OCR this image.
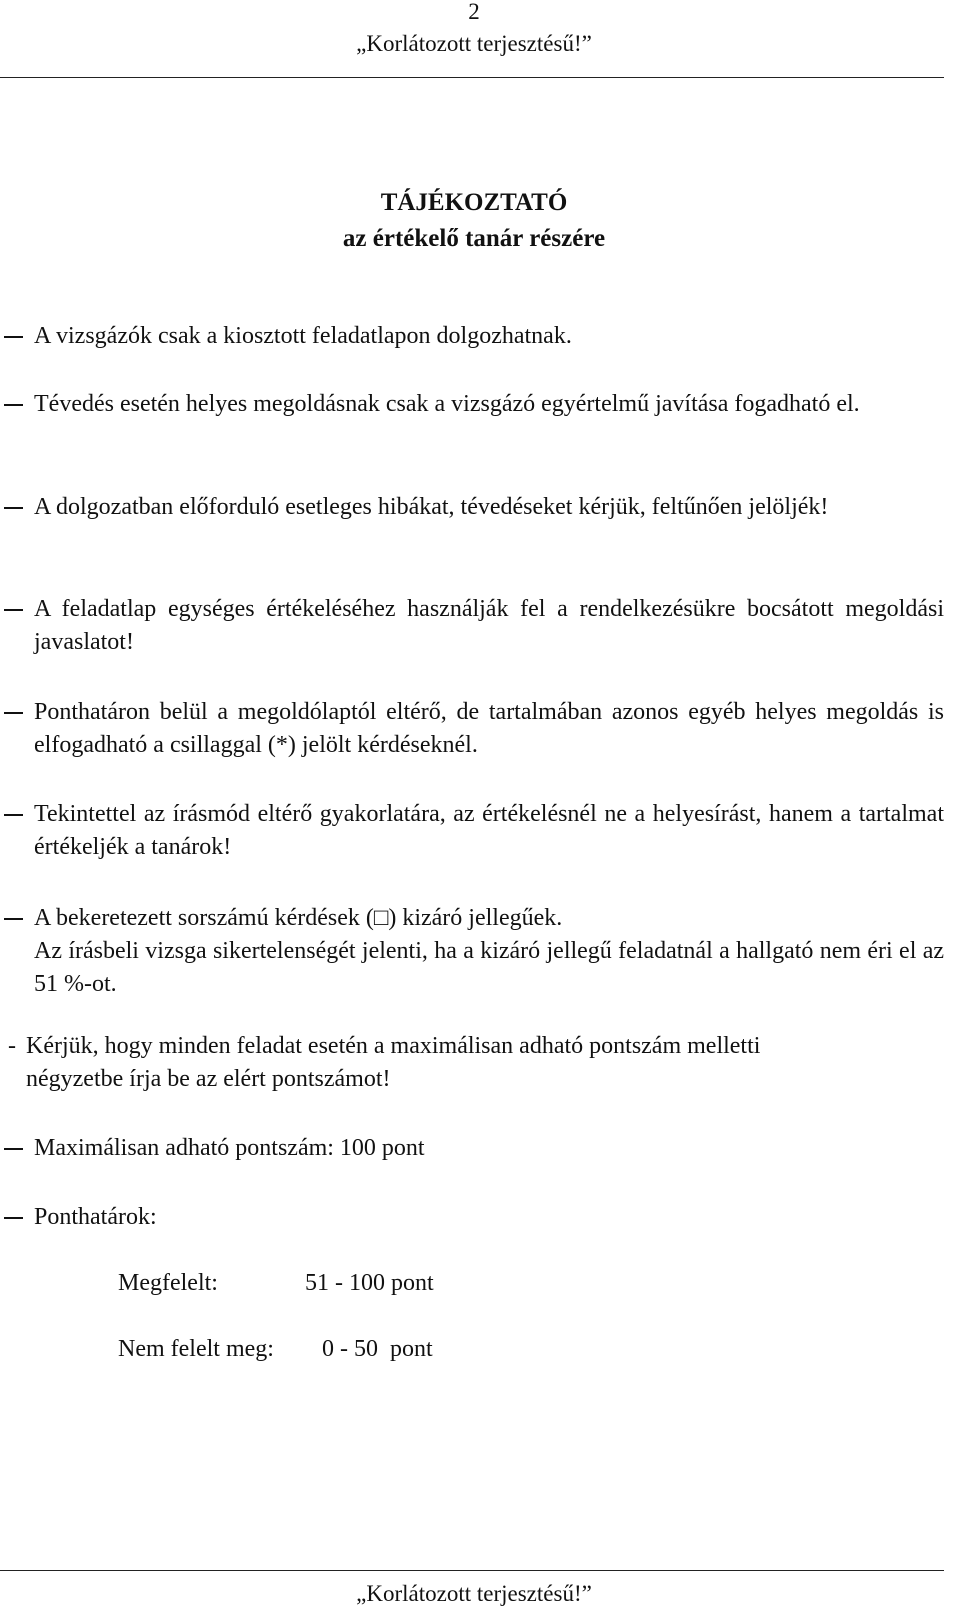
2
„Korlátozott terjesztésű!”
TÁJÉKOZTATÓ
az értékelő tanár részére
A vizsgázók csak a kiosztott feladatlapon dolgozhatnak.
Tévedés esetén helyes megoldásnak csak a vizsgázó egyértelmű javítása fogadható el.
A dolgozatban előforduló esetleges hibákat, tévedéseket kérjük, feltűnően jelöljék!
A feladatlap egységes értékeléséhez használják fel a rendelkezésükre bocsátott megoldási javaslatot!
Ponthatáron belül a megoldólaptól eltérő, de tartalmában azonos egyéb helyes megoldás is elfogadható a csillaggal (*) jelölt kérdéseknél.
Tekintettel az írásmód eltérő gyakorlatára, az értékelésnél ne a helyesírást, hanem a tartalmat értékeljék a tanárok!
A bekeretezett sorszámú kérdések (□) kizáró jellegűek.
Az írásbeli vizsga sikertelenségét jelenti, ha a kizáró jellegű feladatnál a hallgató nem éri el az 51 %-ot.
- Kérjük, hogy minden feladat esetén a maximálisan adható pontszám melletti négyzetbe írja be az elért pontszámot!
Maximálisan adható pontszám: 100 pont
Ponthatárok:
Megfelelt:	51 - 100 pont
Nem felelt meg: 0 - 50  pont
„Korlátozott terjesztésű!”
